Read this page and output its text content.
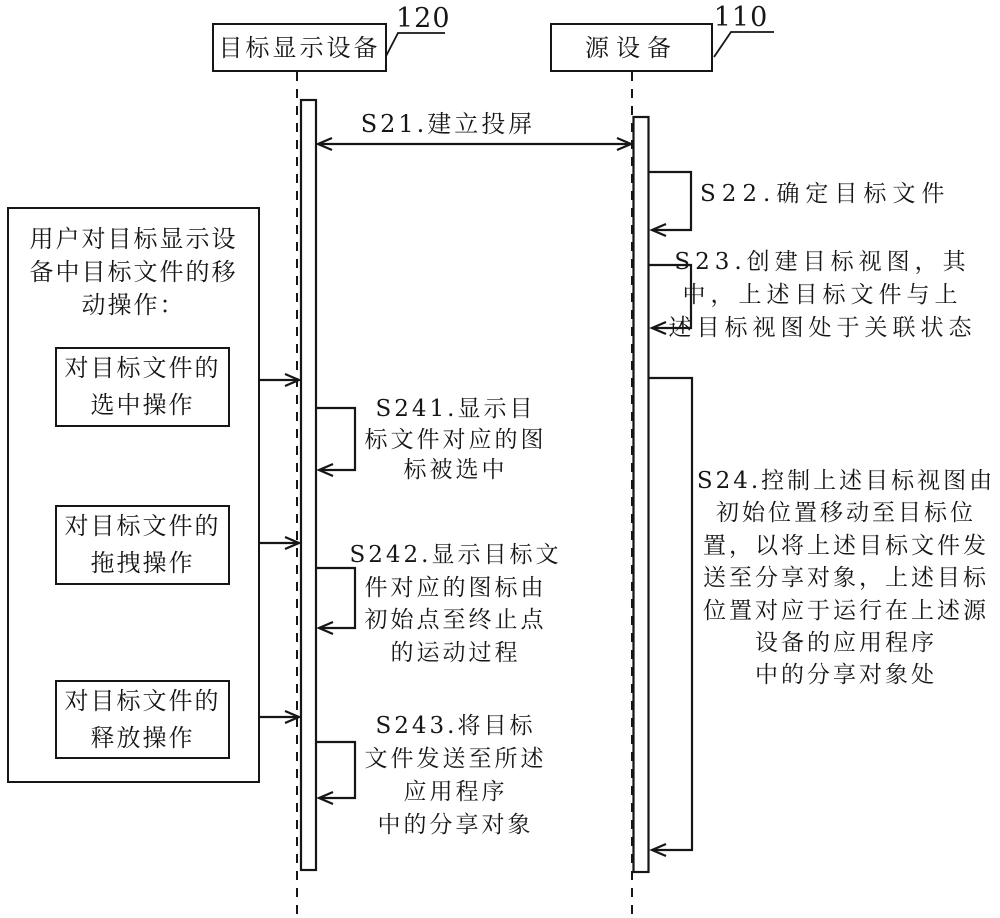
目标显示设备	源设备
120	110
用户对目标显示设
备中目标文件的移
动操作：
对目标文件的
选中操作
对目标文件的
拖拽操作
对目标文件的
释放操作
S21.建立投屏
S22.确定目标文件
S23.创建目标视图，其
中，上述目标文件与上
述目标视图处于关联状态
S24.控制上述目标视图由
初始位置移动至目标位
置，以将上述目标文件发
送至分享对象，上述目标
位置对应于运行在上述源
设备的应用程序
中的分享对象处
S241.显示目
标文件对应的图
标被选中
S242.显示目标文
件对应的图标由
初始点至终止点
的运动过程
S243.将目标
文件发送至所述
应用程序
中的分享对象
